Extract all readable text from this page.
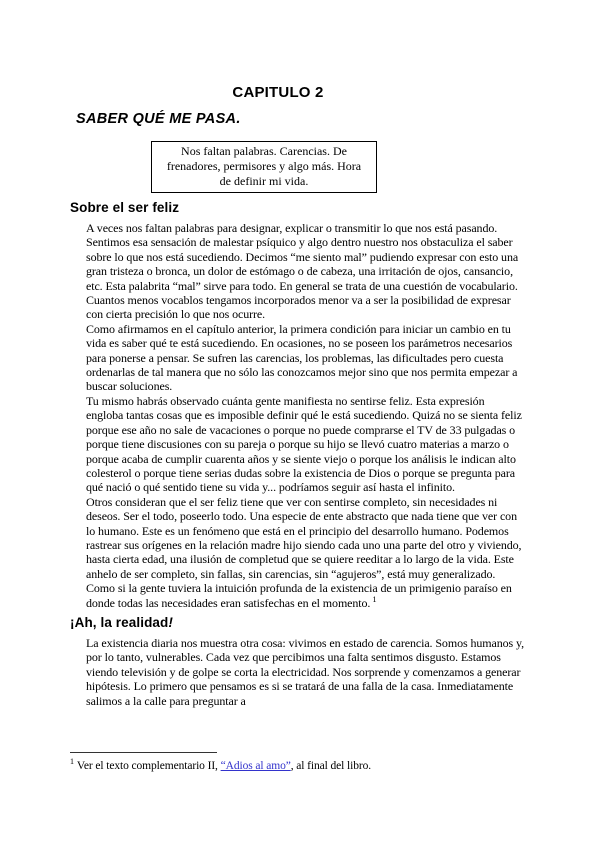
CAPITULO 2
SABER QUÉ ME PASA.
Nos faltan palabras. Carencias. De
frenadores, permisores y algo más. Hora
de definir mi vida.
Sobre el ser feliz

A veces nos faltan palabras para designar, explicar o transmitir lo que nos está pasando. Sentimos esa sensación de malestar psíquico y algo dentro nuestro nos obstaculiza el saber sobre lo que nos está sucediendo. Decimos “me siento mal” pudiendo expresar con esto una gran tristeza o bronca, un dolor de estómago o de cabeza, una irritación de ojos, cansancio, etc. Esta palabrita “mal” sirve para todo. En general se trata de una cuestión de vocabulario. Cuantos menos vocablos tengamos incorporados menor va a ser la posibilidad de expresar con cierta precisión lo que nos ocurre.

Como afirmamos en el capítulo anterior, la primera condición para iniciar un cambio en tu vida es saber qué te está sucediendo. En ocasiones, no se poseen los parámetros necesarios para ponerse a pensar. Se sufren las carencias, los problemas, las dificultades pero cuesta ordenarlas de tal manera que no sólo las conozcamos mejor sino que nos permita empezar a buscar soluciones.

Tu mismo habrás observado cuánta gente manifiesta no sentirse feliz. Esta expresión engloba tantas cosas que es imposible definir qué le está sucediendo. Quizá no se sienta feliz porque ese año no sale de vacaciones o porque no puede comprarse el TV de 33 pulgadas o porque tiene discusiones con su pareja o porque su hijo se llevó cuatro materias a marzo o porque acaba de cumplir cuarenta años y se siente viejo o porque los análisis le indican alto colesterol o porque tiene serias dudas sobre la existencia de Dios o porque se pregunta para qué nació o qué sentido tiene su vida y... podríamos seguir así hasta el infinito.

Otros consideran que el ser feliz tiene que ver con sentirse completo, sin necesidades ni deseos. Ser el todo, poseerlo todo. Una especie de ente abstracto que nada tiene que ver con lo humano. Este es un fenómeno que está en el principio del desarrollo humano. Podemos rastrear sus orígenes en la relación madre hijo siendo cada uno una parte del otro y viviendo, hasta cierta edad, una ilusión de completud que se quiere reeditar a lo largo de la vida. Este anhelo de ser completo, sin fallas, sin carencias, sin “agujeros”, está muy generalizado. Como si la gente tuviera la intuición profunda de la existencia de un primigenio paraíso en donde todas las necesidades eran satisfechas en el momento. $^1$

¡Ah, la realidad!

La existencia diaria nos muestra otra cosa: vivimos en estado de carencia. Somos humanos y, por lo tanto, vulnerables. Cada vez que percibimos una falta sentimos disgusto. Estamos viendo televisión y de golpe se corta la electricidad. Nos sorprende y comenzamos a generar hipótesis. Lo primero que pensamos es si se tratará de una falla de la casa. Inmediatamente salimos a la calle para preguntar a

$^1$ Ver el texto complementario II, “Adios al amo”, al final del libro.
